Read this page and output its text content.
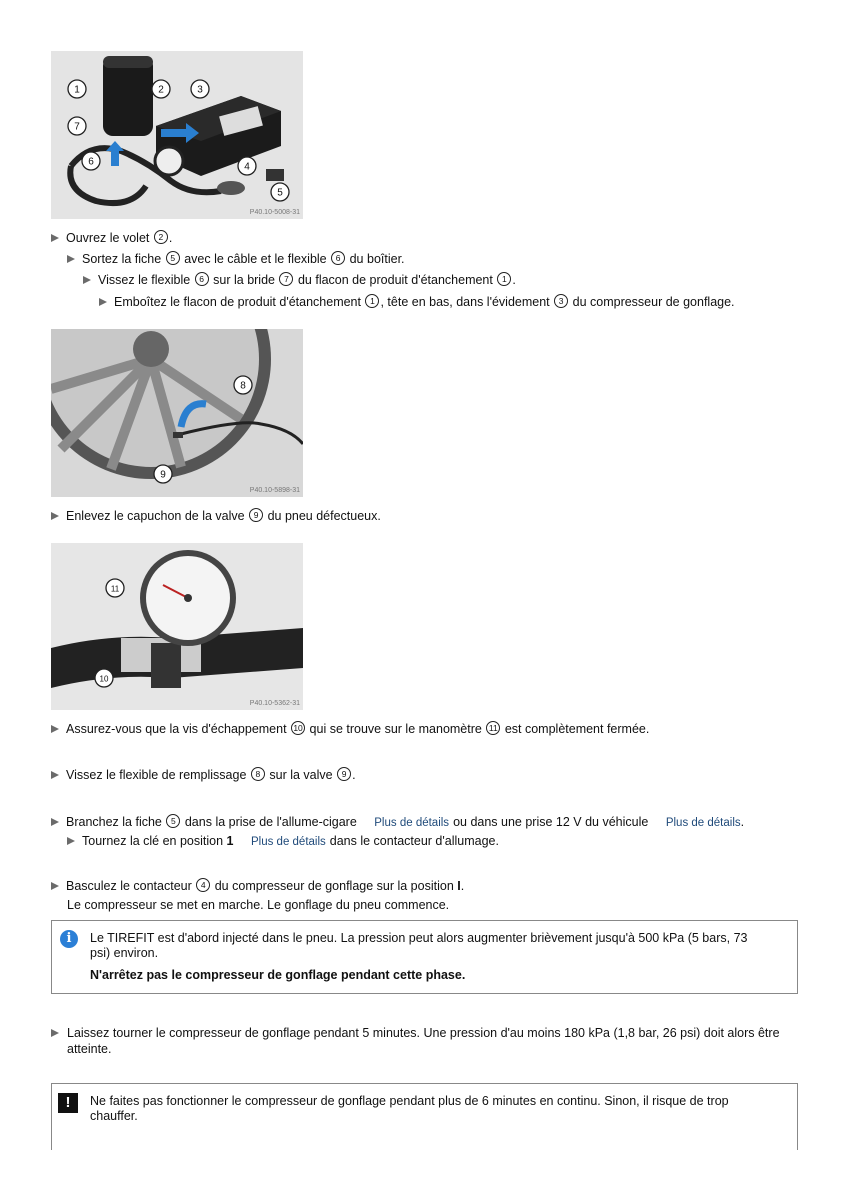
1	2	3
4
5
6
7
P40.10-5008-31
8
9
P40.10-5898-31
11
10
P40.10-5362-31
Ouvrez le volet 2 .
Sortez la fiche 5 avec le câble et le flexible 6 du boîtier.
Vissez le flexible 6 sur la bride 7 du flacon de produit d'étanchement 1 .
Emboîtez le flacon de produit d'étanchement 1 , tête en bas, dans l'évidement 3 du compresseur de gonflage.
Enlevez le capuchon de la valve 9 du pneu défectueux.
Assurez-vous que la vis d'échappement 10 qui se trouve sur le manomètre 11 est complètement fermée.
Vissez le flexible de remplissage 8 sur la valve 9 .
Branchez la fiche 5 dans la prise de l'allume-cigare Plus de détails ou dans une prise 12 V du véhicule Plus de détails.
Tournez la clé en position 1 Plus de détails dans le contacteur d'allumage.
Basculez le contacteur 4 du compresseur de gonflage sur la position I.
Le compresseur se met en marche. Le gonflage du pneu commence.
i	Le TIREFIT est d'abord injecté dans le pneu. La pression peut alors augmenter brièvement jusqu'à 500 kPa (5 bars, 73 psi) environ.
N'arrêtez pas le compresseur de gonflage pendant cette phase.
Laissez tourner le compresseur de gonflage pendant 5 minutes. Une pression d'au moins 180 kPa (1,8 bar, 26 psi) doit alors être atteinte.
!	Ne faites pas fonctionner le compresseur de gonflage pendant plus de 6 minutes en continu. Sinon, il risque de trop chauffer.
